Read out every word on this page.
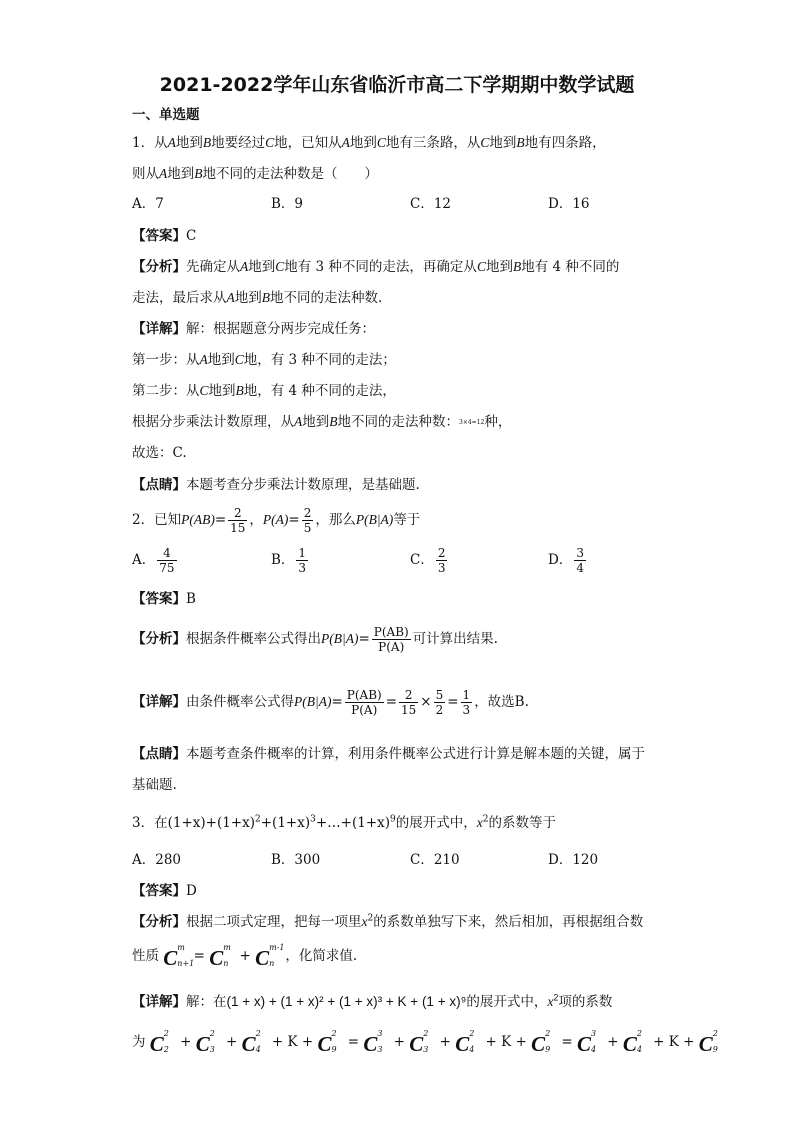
2021-2022学年山东省临沂市高二下学期期中数学试题
一、单选题
1．从A地到B地要经过C地，已知从A地到C地有三条路，从C地到B地有四条路，
则从A地到B地不同的走法种数是（　　）
A．7	B．9	C．12	D．16
【答案】C
【分析】先确定从A地到C地有 3 种不同的走法，再确定从C地到B地有 4 种不同的
走法，最后求从A地到B地不同的走法种数.
【详解】解：根据题意分两步完成任务：
第一步：从A地到C地，有 3 种不同的走法；
第二步：从C地到B地，有 4 种不同的走法，
根据分步乘法计数原理，从A地到B地不同的走法种数：3×4=12种，
故选：C.
【点睛】本题考查分步乘法计数原理，是基础题.
2．已知$P(AB)= \frac{2}{15}$ ，$P(A)= \frac{2}{5}$ ，那么P(B|A)等于
A． $\frac{4}{75}$	B． $\frac{1}{3}$	C． $\frac{2}{3}$	D． $\frac{3}{4}$
【答案】B
【分析】根据条件概率公式得出$P(B|A)= \frac{P(AB)}{P(A)}$ 可计算出结果.
【详解】由条件概率公式得$P(B|A)= \frac{P(AB)}{P(A)} = \frac{2}{15} \times \frac{5}{2} = \frac{1}{3}$ ，故选B.
【点睛】本题考查条件概率的计算，利用条件概率公式进行计算是解本题的关键，属于
基础题.
3．在$(1+x)+(1+x)^2+(1+x)^3+\dots+(1+x)^9$的展开式中，$x^2$的系数等于
A．280	B．300	C．210	D．120
【答案】D
【分析】根据二项式定理，把每一项里$x^2$的系数单独写下来，然后相加，再根据组合数
性质 C m
n+1
= C m
n + C m-1
n ，化简求值.
【详解】解：在(1 + x) + (1 + x)² + (1 + x)³ + K + (1 + x)⁹的展开式中，$x^2$项的系数
为 C 2
2 + C 2
3 + C 2
4 + K + C 2
9 = C 3
3 + C 2
3 + C 2
4 + K + C 2
9 = C 3
4 + C 2
4 + K + C 2
9
